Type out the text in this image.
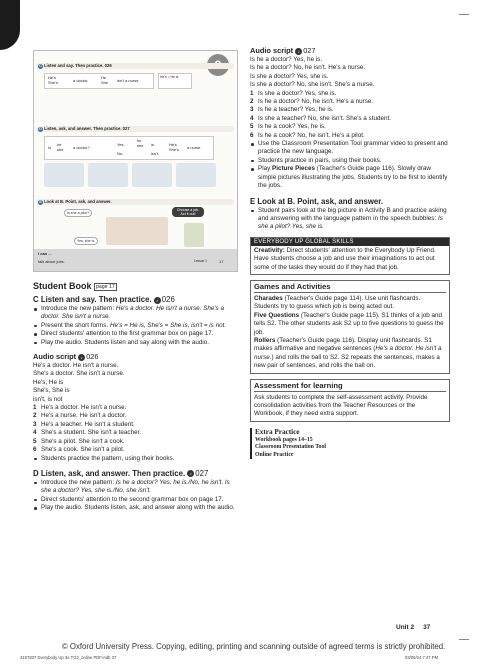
C Listen and say. Then practice. 026
He's
She's	a doctor.
He
She isn't a nurse.
He's = He is
D Listen, ask, and answer. Then practice. 027
Is
he
she a doctor?
Yes,
No,
he
she is.
isn't.
He's
She's a nurse.
E Look at B. Point, ask, and answer.
Is she a pilot?
Choose a job. Act it out!
Yes, she is.
I can ...
talk about jobs.	Lesson 1	17
Student Book page 17
C Listen and say. Then practice. ♪ 026
Introduce the new pattern: He's a doctor. He isn't a nurse. She's a doctor. She isn't a nurse.
Present the short forms. He's = He is, She's = She is, isn't = is not.
Direct students' attention to the first grammar box on page 17.
Play the audio. Students listen and say along with the audio.
Audio script ♪ 026
He's a doctor. He isn't a nurse.
She's a doctor. She isn't a nurse.
He's, He is
She's, She is
isn't, is not
1 He's a doctor. He isn't a nurse.
2 He's a nurse. He isn't a doctor.
3 He's a teacher. He isn't a student.
4 She's a student. She isn't a teacher.
5 She's a pilot. She isn't a cook.
6 She's a cook. She isn't a pilot.
Students practice the pattern, using their books.
D Listen, ask, and answer. Then practice. ♪ 027
Introduce the new pattern: Is he a doctor? Yes, he is./No, he isn't. Is she a doctor? Yes, she is./No, she isn't.
Direct students' attention to the second grammar box on page 17.
Play the audio. Students listen, ask, and answer along with the audio.
Audio script ♪ 027
Is he a doctor? Yes, he is.
Is he a doctor? No, he isn't. He's a nurse.
Is she a doctor? Yes, she is.
Is she a doctor? No, she isn't. She's a nurse.
1 Is she a doctor? Yes, she is.
2 Is he a doctor? No, he isn't. He's a nurse.
3 Is he a teacher? Yes, he is.
4 Is she a teacher? No, she isn't. She's a student.
5 Is he a cook? Yes, he is.
6 Is he a cook? No, he isn't. He's a pilot.
Use the Classroom Presentation Tool grammar video to present and practice the new language.
Students practice in pairs, using their books.
Play Picture Pieces (Teacher's Guide page 116). Slowly draw simple pictures illustrating the jobs. Students try to be first to identify the jobs.
E Look at B. Point, ask, and answer.
Student pairs look at the big picture in Activity B and practice asking and answering with the language pattern in the speech bubbles: Is she a pilot? Yes, she is.
EVERYBODY UP GLOBAL SKILLS
Creativity: Direct students' attention to the Everybody Up Friend. Have students choose a job and use their imaginations to act out some of the tasks they would do if they had that job.
Games and Activities
Charades (Teacher's Guide page 114). Use unit flashcards. Students try to guess which job is being acted out.
Five Questions (Teacher's Guide page 115). S1 thinks of a job and tells S2. The other students ask S2 up to five questions to guess the job.
Rollers (Teacher's Guide page 116). Display unit flashcards. S1 makes affirmative and negative sentences (He's a doctor. He isn't a nurse.) and rolls the ball to S2. S2 repeats the sentences, makes a new pair of sentences, and rolls the ball on.
Assessment for learning
Ask students to complete the self-assessment activity. Provide consolidation activities from the Teacher Resources or the Workbook, if they need extra support.
Extra Practice
Workbook pages 14–15
Classroom Presentation Tool
Online Practice
Unit 2 37
© Oxford University Press. Copying, editing, printing and scanning outside of agreed terms is strictly prohibited.
4157837 Everybody Up 3e TG2_online PDF.indb 37	03/06/24 7:47 PM
